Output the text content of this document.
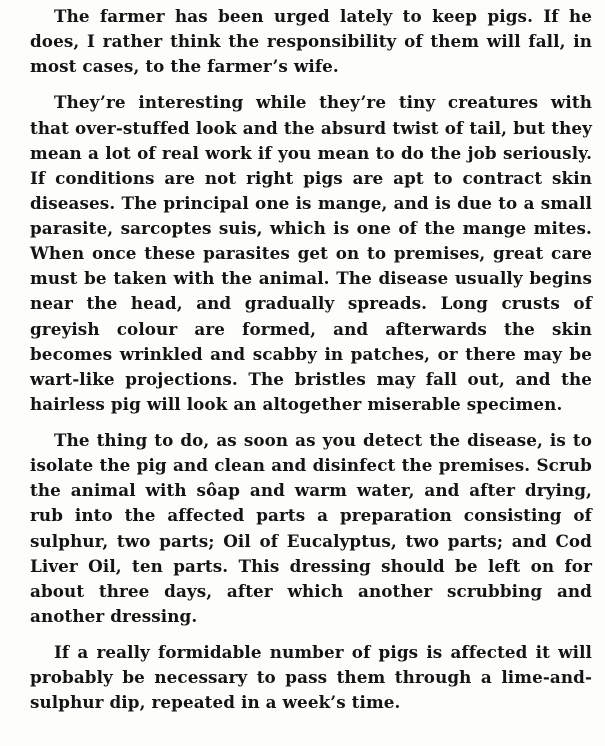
The farmer has been urged lately to keep pigs. If he does, I rather think the responsibility of them will fall, in most cases, to the farmer’s wife.

They’re interesting while they’re tiny creatures with that over-stuffed look and the absurd twist of tail, but they mean a lot of real work if you mean to do the job seriously. If conditions are not right pigs are apt to contract skin diseases. The principal one is mange, and is due to a small parasite, sarcoptes suis, which is one of the mange mites. When once these parasites get on to premises, great care must be taken with the animal. The disease usually begins near the head, and gradually spreads. Long crusts of greyish colour are formed, and afterwards the skin becomes wrinkled and scabby in patches, or there may be wart-like projections. The bristles may fall out, and the hairless pig will look an altogether miserable specimen.

The thing to do, as soon as you detect the disease, is to isolate the pig and clean and disinfect the premises. Scrub the animal with sôap and warm water, and after drying, rub into the affected parts a preparation consisting of sulphur, two parts; Oil of Eucalyptus, two parts; and Cod Liver Oil, ten parts. This dressing should be left on for about three days, after which another scrubbing and another dressing.

If a really formidable number of pigs is affected it will probably be necessary to pass them through a lime-and-sulphur dip, repeated in a week’s time.
